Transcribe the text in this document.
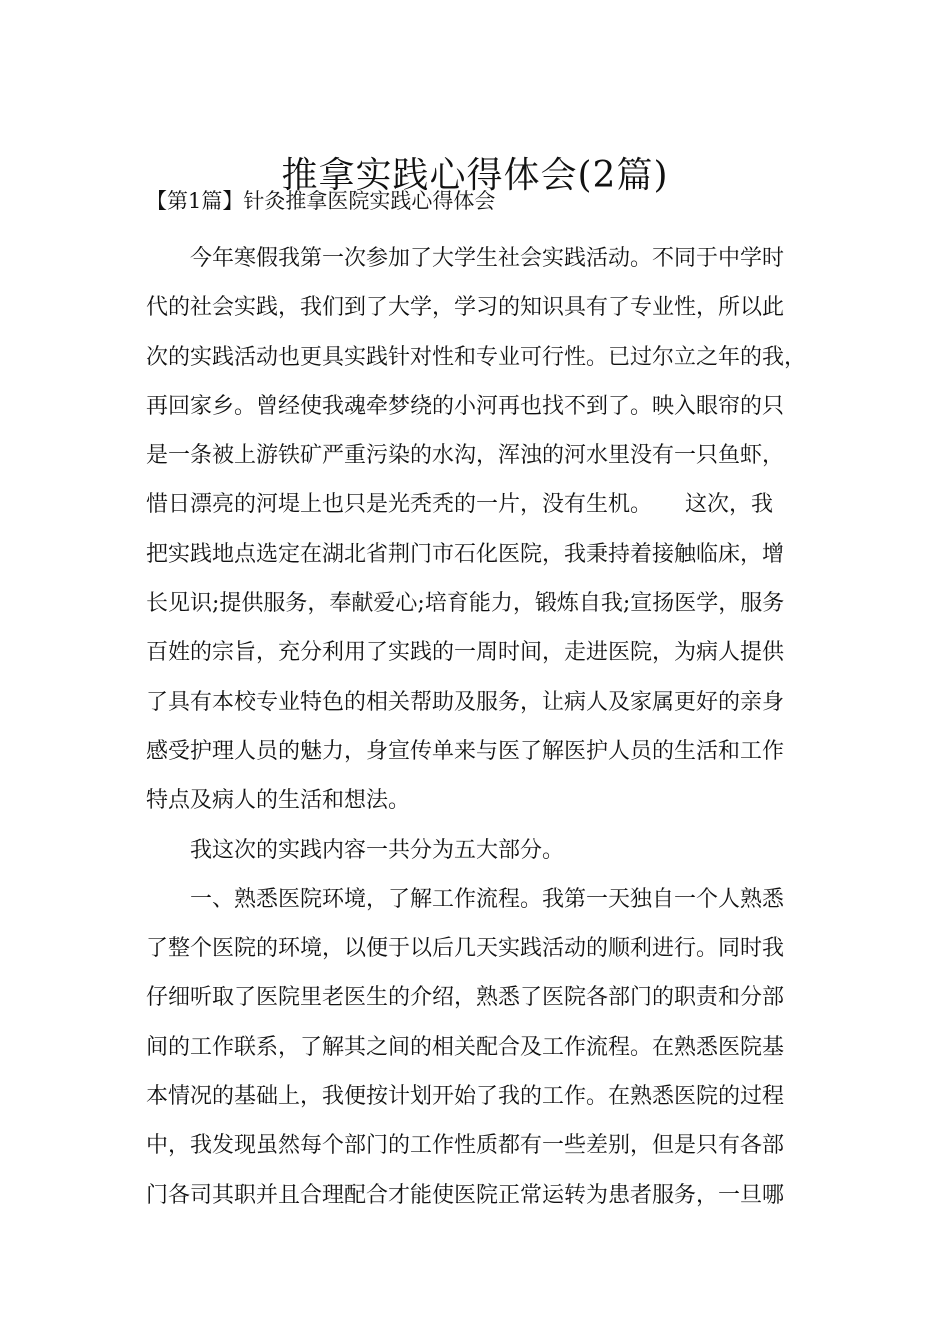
推拿实践心得体会(2篇)
【第1篇】针灸推拿医院实践心得体会
今年寒假我第一次参加了大学生社会实践活动。不同于中学时
代的社会实践，我们到了大学，学习的知识具有了专业性，所以此
次的实践活动也更具实践针对性和专业可行性。已过尔立之年的我，
再回家乡。曾经使我魂牵梦绕的小河再也找不到了。映入眼帘的只
是一条被上游铁矿严重污染的水沟，浑浊的河水里没有一只鱼虾，
惜日漂亮的河堤上也只是光秃秃的一片，没有生机。　　这次，我
把实践地点选定在湖北省荆门市石化医院，我秉持着接触临床，增
长见识;提供服务，奉献爱心;培育能力，锻炼自我;宣扬医学，服务
百姓的宗旨，充分利用了实践的一周时间，走进医院，为病人提供
了具有本校专业特色的相关帮助及服务，让病人及家属更好的亲身
感受护理人员的魅力，身宣传单来与医了解医护人员的生活和工作
特点及病人的生活和想法。
我这次的实践内容一共分为五大部分。
一、熟悉医院环境，了解工作流程。我第一天独自一个人熟悉
了整个医院的环境，以便于以后几天实践活动的顺利进行。同时我
仔细听取了医院里老医生的介绍，熟悉了医院各部门的职责和分部
间的工作联系，了解其之间的相关配合及工作流程。在熟悉医院基
本情况的基础上，我便按计划开始了我的工作。在熟悉医院的过程
中，我发现虽然每个部门的工作性质都有一些差别，但是只有各部
门各司其职并且合理配合才能使医院正常运转为患者服务，一旦哪
